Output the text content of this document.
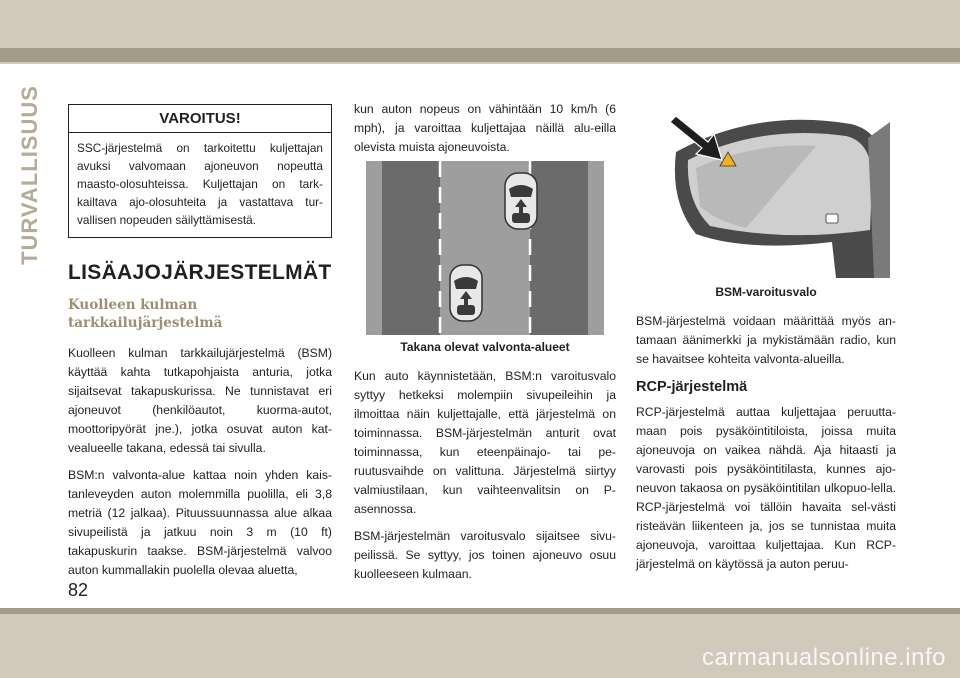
TURVALLISUUS	VAROITUS!

SSC-järjestelmä on tarkoitettu kuljettajan avuksi valvomaan ajoneuvon nopeutta maasto-olosuhteissa. Kuljettajan on tark-kailtava ajo-olosuhteita ja vastattava tur-vallisen nopeuden säilyttämisestä.

LISÄAJOJÄRJESTELMÄT
Kuolleen kulman tarkkailujärjestelmä

Kuolleen kulman tarkkailujärjestelmä (BSM) käyttää kahta tutkapohjaista anturia, jotka sijaitsevat takapuskurissa. Ne tunnistavat eri ajoneuvot (henkilöautot, kuorma-autot, moottoripyörät jne.), jotka osuvat auton kat-vealueelle takana, edessä tai sivulla.

BSM:n valvonta-alue kattaa noin yhden kais-tanleveyden auton molemmilla puolilla, eli 3,8 metriä (12 jalkaa). Pituussuunnassa alue alkaa sivupeilistä ja jatkuu noin 3 m (10 ft) takapuskurin taakse. BSM-järjestelmä valvoo auton kummallakin puolella olevaa aluetta,

kun auton nopeus on vähintään 10 km/h (6 mph), ja varoittaa kuljettajaa näillä alu-eilla olevista muista ajoneuvoista.

Takana olevat valvonta-alueet

Kun auto käynnistetään, BSM:n varoitusvalo syttyy hetkeksi molempiin sivupeileihin ja ilmoittaa näin kuljettajalle, että järjestelmä on toiminnassa. BSM-järjestelmän anturit ovat toiminnassa, kun eteenpäinajo- tai pe-ruutusvaihde on valittuna. Järjestelmä siirtyy valmiustilaan, kun vaihteenvalitsin on P-asennossa.

BSM-järjestelmän varoitusvalo sijaitsee sivu-peilissä. Se syttyy, jos toinen ajoneuvo osuu kuolleeseen kulmaan.

BSM-varoitusvalo

BSM-järjestelmä voidaan määrittää myös an-tamaan äänimerkki ja mykistämään radio, kun se havaitsee kohteita valvonta-alueilla.

RCP-järjestelmä

RCP-järjestelmä auttaa kuljettajaa peruutta-maan pois pysäköintitiloista, joissa muita ajoneuvoja on vaikea nähdä. Aja hitaasti ja varovasti pois pysäköintitilasta, kunnes ajo-neuvon takaosa on pysäköintitilan ulkopuo-lella. RCP-järjestelmä voi tällöin havaita sel-västi risteävän liikenteen ja, jos se tunnistaa muita ajoneuvoja, varoittaa kuljettajaa. Kun RCP-järjestelmä on käytössä ja auton peruu-

82
carmanualsonline.info
